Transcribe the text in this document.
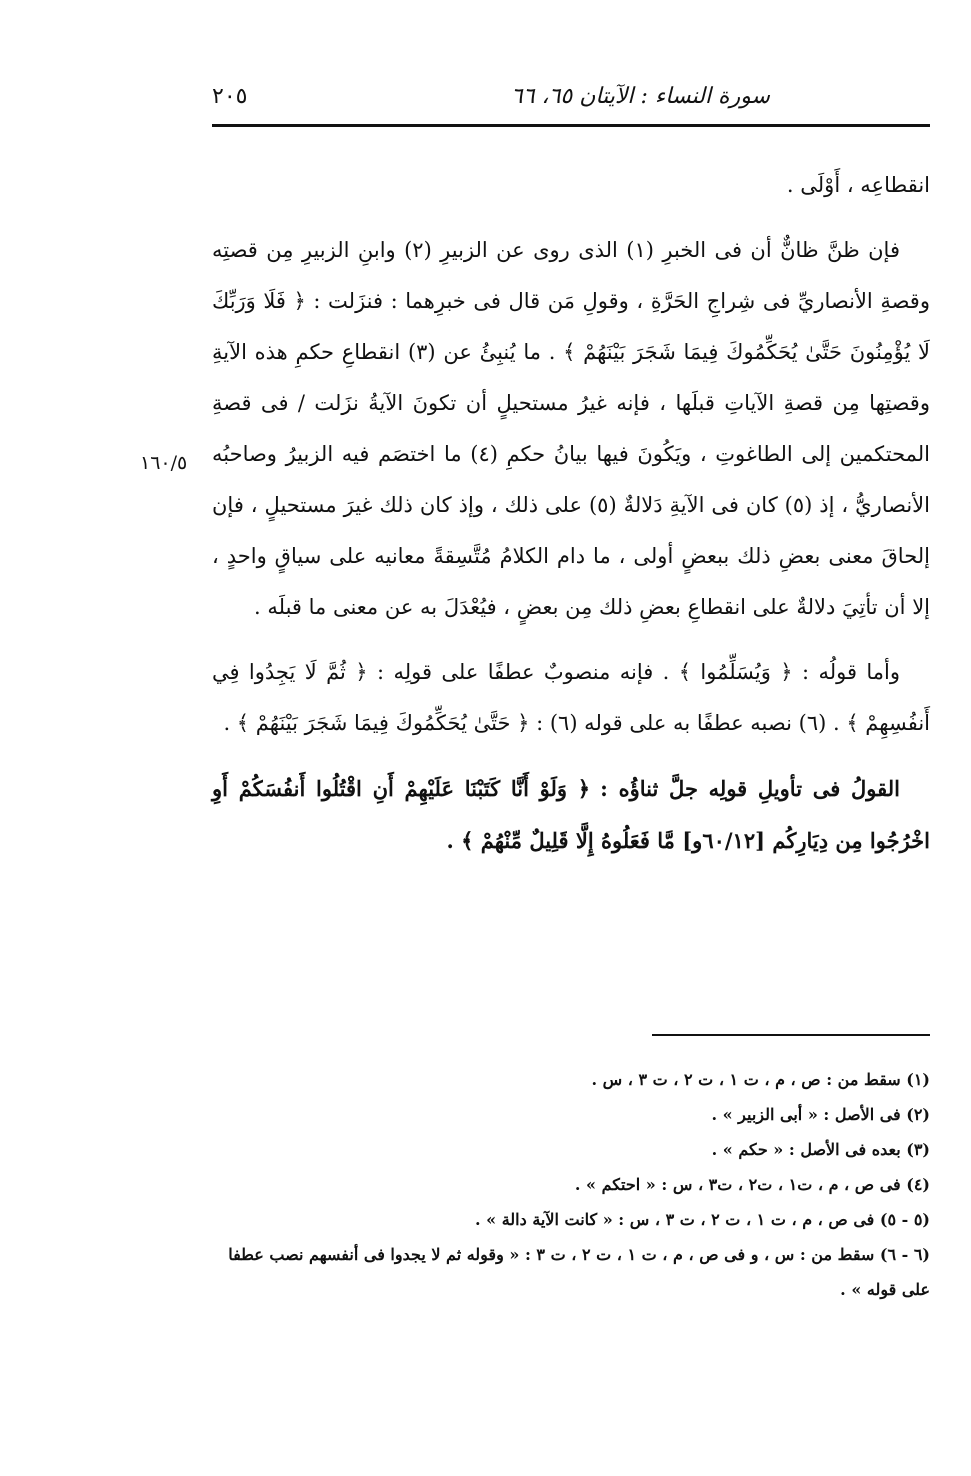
سورة النساء : الآيتان ٦٥، ٦٦
٢٠٥
١٦٠/٥

انقطاعِه ، أَوْلَى .

فإن ظنَّ ظانٌّ أن فى الخبرِ (١) الذى روى عن الزبيرِ (٢) وابنِ الزبيرِ مِن قصتِه وقصةِ الأنصاريِّ فى شِراجِ الحَرَّةِ ، وقولِ مَن قال فى خبرِهما : فنزَلت : ﴿ فَلَا وَرَبِّكَ لَا يُؤْمِنُونَ حَتَّىٰ يُحَكِّمُوكَ فِيمَا شَجَرَ بَيْنَهُمْ ﴾ . ما يُنبِئُ عن (٣) انقطاعِ حكمِ هذه الآيةِ وقصتِها مِن قصةِ الآياتِ قبلَها ، فإنه غيرُ مستحيلٍ أن تكونَ الآيةُ نزَلت / فى قصةِ المحتكمين إلى الطاغوتِ ، ويَكُونَ فيها بيانُ حكمِ (٤) ما اختصَم فيه الزبيرُ وصاحبُه الأنصاريُّ ، إذ (٥) كان فى الآيةِ دَلالةٌ (٥) على ذلك ، وإذ كان ذلك غيرَ مستحيلٍ ، فإن إلحاقَ معنى بعضِ ذلك ببعضٍ أولى ، ما دام الكلامُ مُتَّسِقةً معانيه على سياقٍ واحدٍ ، إلا أن تأتِيَ دلالةٌ على انقطاعِ بعضِ ذلك مِن بعضٍ ، فيُعْدَلَ به عن معنى ما قبلَه .

وأما قولُه : ﴿ وَيُسَلِّمُوا ﴾ . فإنه منصوبٌ عطفًا على قولِه : ﴿ ثُمَّ لَا يَجِدُوا فِي أَنفُسِهِمْ ﴾ . (٦) نصبه عطفًا به على قوله (٦) : ﴿ حَتَّىٰ يُحَكِّمُوكَ فِيمَا شَجَرَ بَيْنَهُمْ ﴾ .

القولُ فى تأويلِ قولِه جلَّ ثناؤُه : ﴿ وَلَوْ أَنَّا كَتَبْنَا عَلَيْهِمْ أَنِ اقْتُلُوا أَنفُسَكُمْ أَوِ اخْرُجُوا مِن دِيَارِكُم [٦٠/١٢و] مَّا فَعَلُوهُ إِلَّا قَلِيلٌ مِّنْهُمْ ﴾ .

(١) سقط من : ص ، م ، ت ١ ، ت ٢ ، ت ٣ ، س .

(٢) فى الأصل : « أبى الزبير » .

(٣) بعده فى الأصل : « حكم » .

(٤) فى ص ، م ، ت١ ، ت٢ ، ت٣ ، س : « احتكم » .

(٥ - ٥) فى ص ، م ، ت ١ ، ت ٢ ، ت ٣ ، س : « كانت الآية دالة » .

(٦ - ٦) سقط من : س ، و فى ص ، م ، ت ١ ، ت ٢ ، ت ٣ : « وقوله ثم لا يجدوا فى أنفسهم نصب عطفا على قوله » .
